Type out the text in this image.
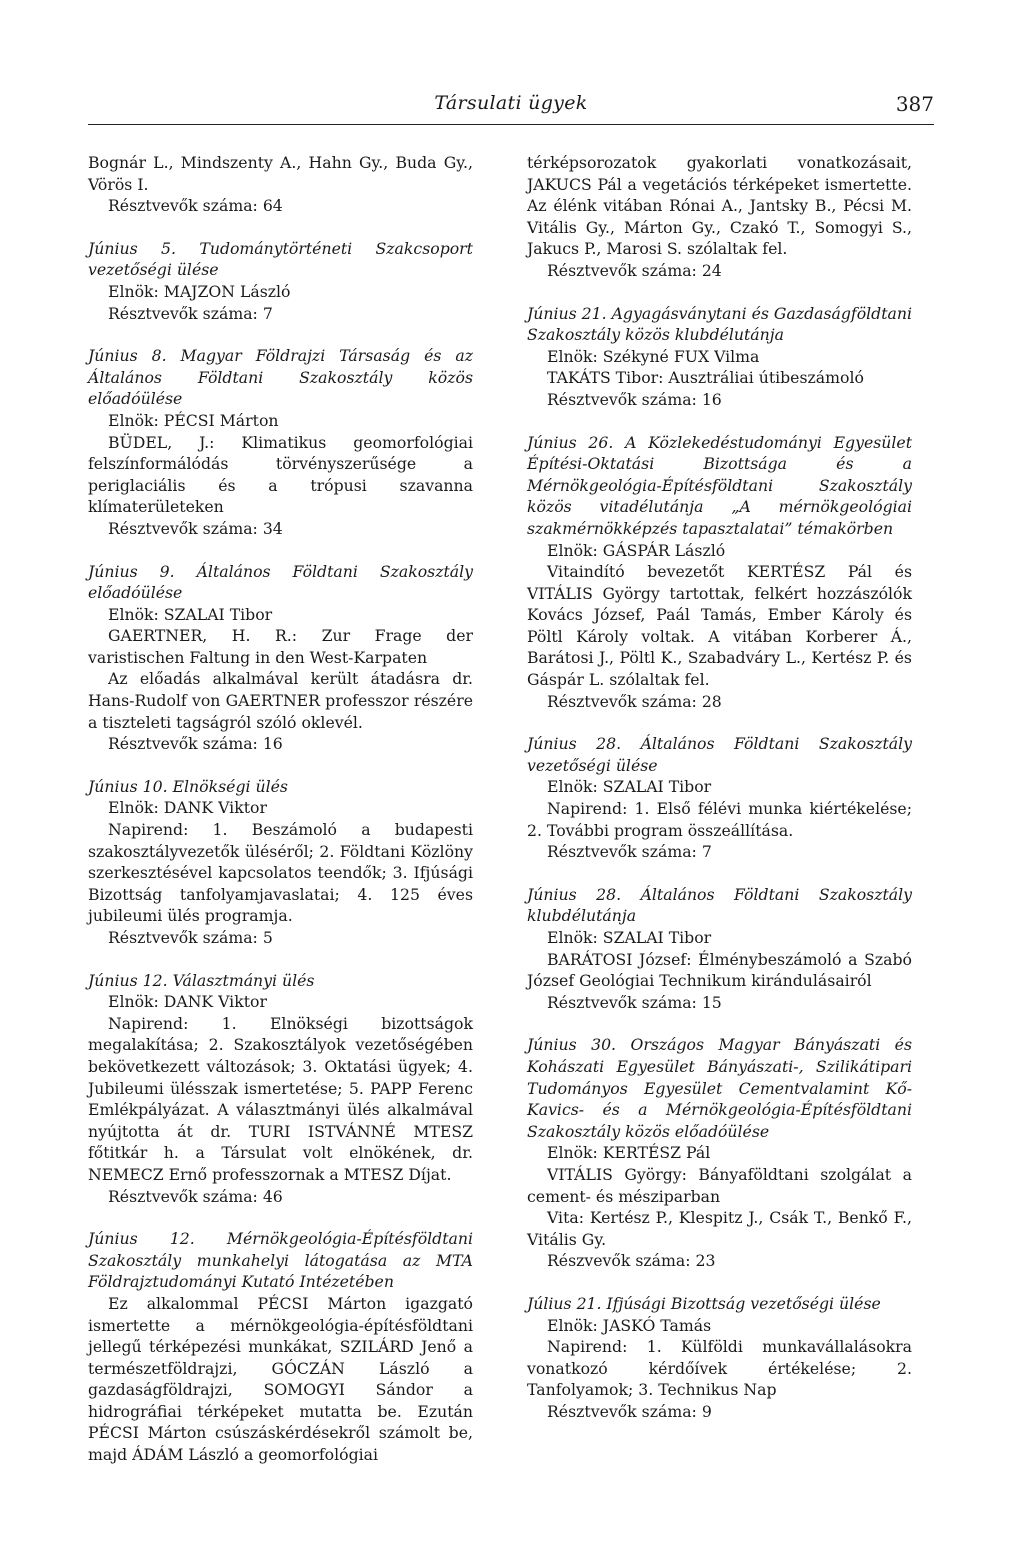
Társulati ügyek	387
Bognár L., Mindszenty A., Hahn Gy., Buda Gy., Vörös I.
Résztvevők száma: 64
Június 5. Tudománytörténeti Szakcsoport vezetőségi ülése
Elnök: MAJZON László
Résztvevők száma: 7
Június 8. Magyar Földrajzi Társaság és az Általános Földtani Szakosztály közös előadóülése
Elnök: PÉCSI Márton
BÜDEL, J.: Klimatikus geomorfológiai felszínformálódás törvényszerűsége a periglaciális és a trópusi szavanna klímaterületeken
Résztvevők száma: 34
Június 9. Általános Földtani Szakosztály előadóülése
Elnök: SZALAI Tibor
GAERTNER, H. R.: Zur Frage der varistischen Faltung in den West-Karpaten
Az előadás alkalmával került átadásra dr. Hans-Rudolf von GAERTNER professzor részére a tiszteleti tagságról szóló oklevél.
Résztvevők száma: 16
Június 10. Elnökségi ülés
Elnök: DANK Viktor
Napirend: 1. Beszámoló a budapesti szakosztályvezetők üléséről; 2. Földtani Közlöny szerkesztésével kapcsolatos teendők; 3. Ifjúsági Bizottság tanfolyamjavaslatai; 4. 125 éves jubileumi ülés programja.
Résztvevők száma: 5
Június 12. Választmányi ülés
Elnök: DANK Viktor
Napirend: 1. Elnökségi bizottságok megalakítása; 2. Szakosztályok vezetőségében bekövetkezett változások; 3. Oktatási ügyek; 4. Jubileumi ülésszak ismertetése; 5. PAPP Ferenc Emlékpályázat. A választmányi ülés alkalmával nyújtotta át dr. TURI ISTVÁNNÉ MTESZ főtitkár h. a Társulat volt elnökének, dr. NEMECZ Ernő professzornak a MTESZ Díjat.
Résztvevők száma: 46
Június 12. Mérnökgeológia-Építésföldtani Szakosztály munkahelyi látogatása az MTA Földrajztudományi Kutató Intézetében
Ez alkalommal PÉCSI Márton igazgató ismertette a mérnökgeológia-építésföldtani jellegű térképezési munkákat, SZILÁRD Jenő a természetföldrajzi, GÓCZÁN László a gazdaságföldrajzi, SOMOGYI Sándor a hidrográfiai térképeket mutatta be. Ezután PÉCSI Márton csúszáskérdésekről számolt be, majd ÁDÁM László a geomorfológiai
térképsorozatok gyakorlati vonatkozásait, JAKUCS Pál a vegetációs térképeket ismertette. Az élénk vitában Rónai A., Jantsky B., Pécsi M. Vitális Gy., Márton Gy., Czakó T., Somogyi S., Jakucs P., Marosi S. szólaltak fel.
Résztvevők száma: 24
Június 21. Agyagásványtani és Gazdaságföldtani Szakosztály közös klubdélutánja
Elnök: Székyné FUX Vilma
TAKÁTS Tibor: Ausztráliai útibeszámoló
Résztvevők száma: 16
Június 26. A Közlekedéstudományi Egyesület Építési-Oktatási Bizottsága és a Mérnökgeológia-Építésföldtani Szakosztály közös vitadélutánja „A mérnökgeológiai szakmérnökképzés tapasztalatai” témakörben
Elnök: GÁSPÁR László
Vitaindító bevezetőt KERTÉSZ Pál és VITÁLIS György tartottak, felkért hozzászólók Kovács József, Paál Tamás, Ember Károly és Pöltl Károly voltak. A vitában Korberer Á., Barátosi J., Pöltl K., Szabadváry L., Kertész P. és Gáspár L. szólaltak fel.
Résztvevők száma: 28
Június 28. Általános Földtani Szakosztály vezetőségi ülése
Elnök: SZALAI Tibor
Napirend: 1. Első félévi munka kiértékelése; 2. További program összeállítása.
Résztvevők száma: 7
Június 28. Általános Földtani Szakosztály klubdélutánja
Elnök: SZALAI Tibor
BARÁTOSI József: Élménybeszámoló a Szabó József Geológiai Technikum kirándulásairól
Résztvevők száma: 15
Június 30. Országos Magyar Bányászati és Kohászati Egyesület Bányászati-, Szilikátipari Tudományos Egyesület Cementvalamint Kő-Kavics- és a Mérnökgeológia-Építésföldtani Szakosztály közös előadóülése
Elnök: KERTÉSZ Pál
VITÁLIS György: Bányaföldtani szolgálat a cement- és mésziparban
Vita: Kertész P., Klespitz J., Csák T., Benkő F., Vitális Gy.
Részvevők száma: 23
Július 21. Ifjúsági Bizottság vezetőségi ülése
Elnök: JASKÓ Tamás
Napirend: 1. Külföldi munkavállalásokra vonatkozó kérdőívek értékelése; 2. Tanfolyamok; 3. Technikus Nap
Résztvevők száma: 9
